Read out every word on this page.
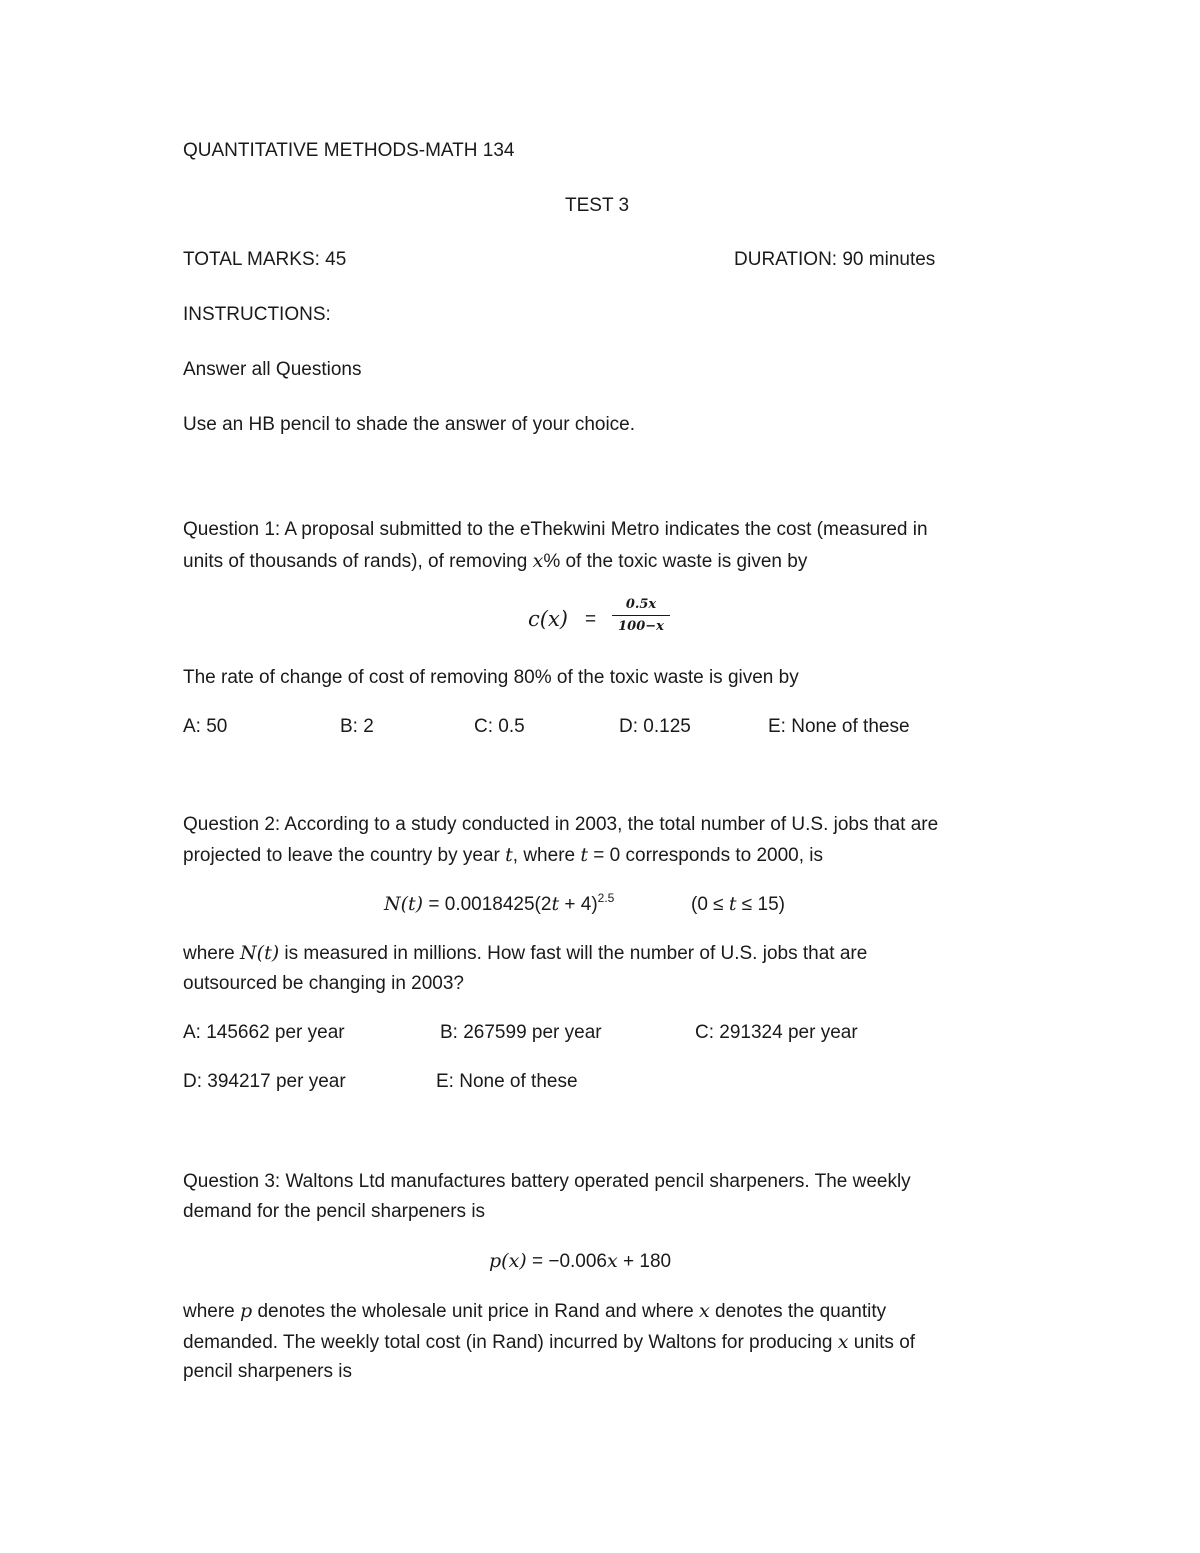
QUANTITATIVE METHODS-MATH 134
TEST 3
TOTAL MARKS: 45	DURATION: 90 minutes
INSTRUCTIONS:
Answer all Questions
Use an HB pencil to shade the answer of your choice.
Question 1: A proposal submitted to the eThekwini Metro indicates the cost (measured in
units of thousands of rands), of removing x% of the toxic waste is given by
c(x) =
0.5x
100−x
The rate of change of cost of removing 80% of the toxic waste is given by
A: 50	B: 2	C: 0.5	D: 0.125	E: None of these
Question 2: According to a study conducted in 2003, the total number of U.S. jobs that are
projected to leave the country by year t, where t = 0 corresponds to 2000, is
$N(t) = 0.0018425(2t + 4)^{2.5}$	(0 ≤ t ≤ 15)
where N(t) is measured in millions. How fast will the number of U.S. jobs that are
outsourced be changing in 2003?
A: 145662 per year	B: 267599 per year	C: 291324 per year
D: 394217 per year	E: None of these
Question 3: Waltons Ltd manufactures battery operated pencil sharpeners. The weekly
demand for the pencil sharpeners is
p(x) = −0.006x + 180
where p denotes the wholesale unit price in Rand and where x denotes the quantity
demanded. The weekly total cost (in Rand) incurred by Waltons for producing x units of
pencil sharpeners is
